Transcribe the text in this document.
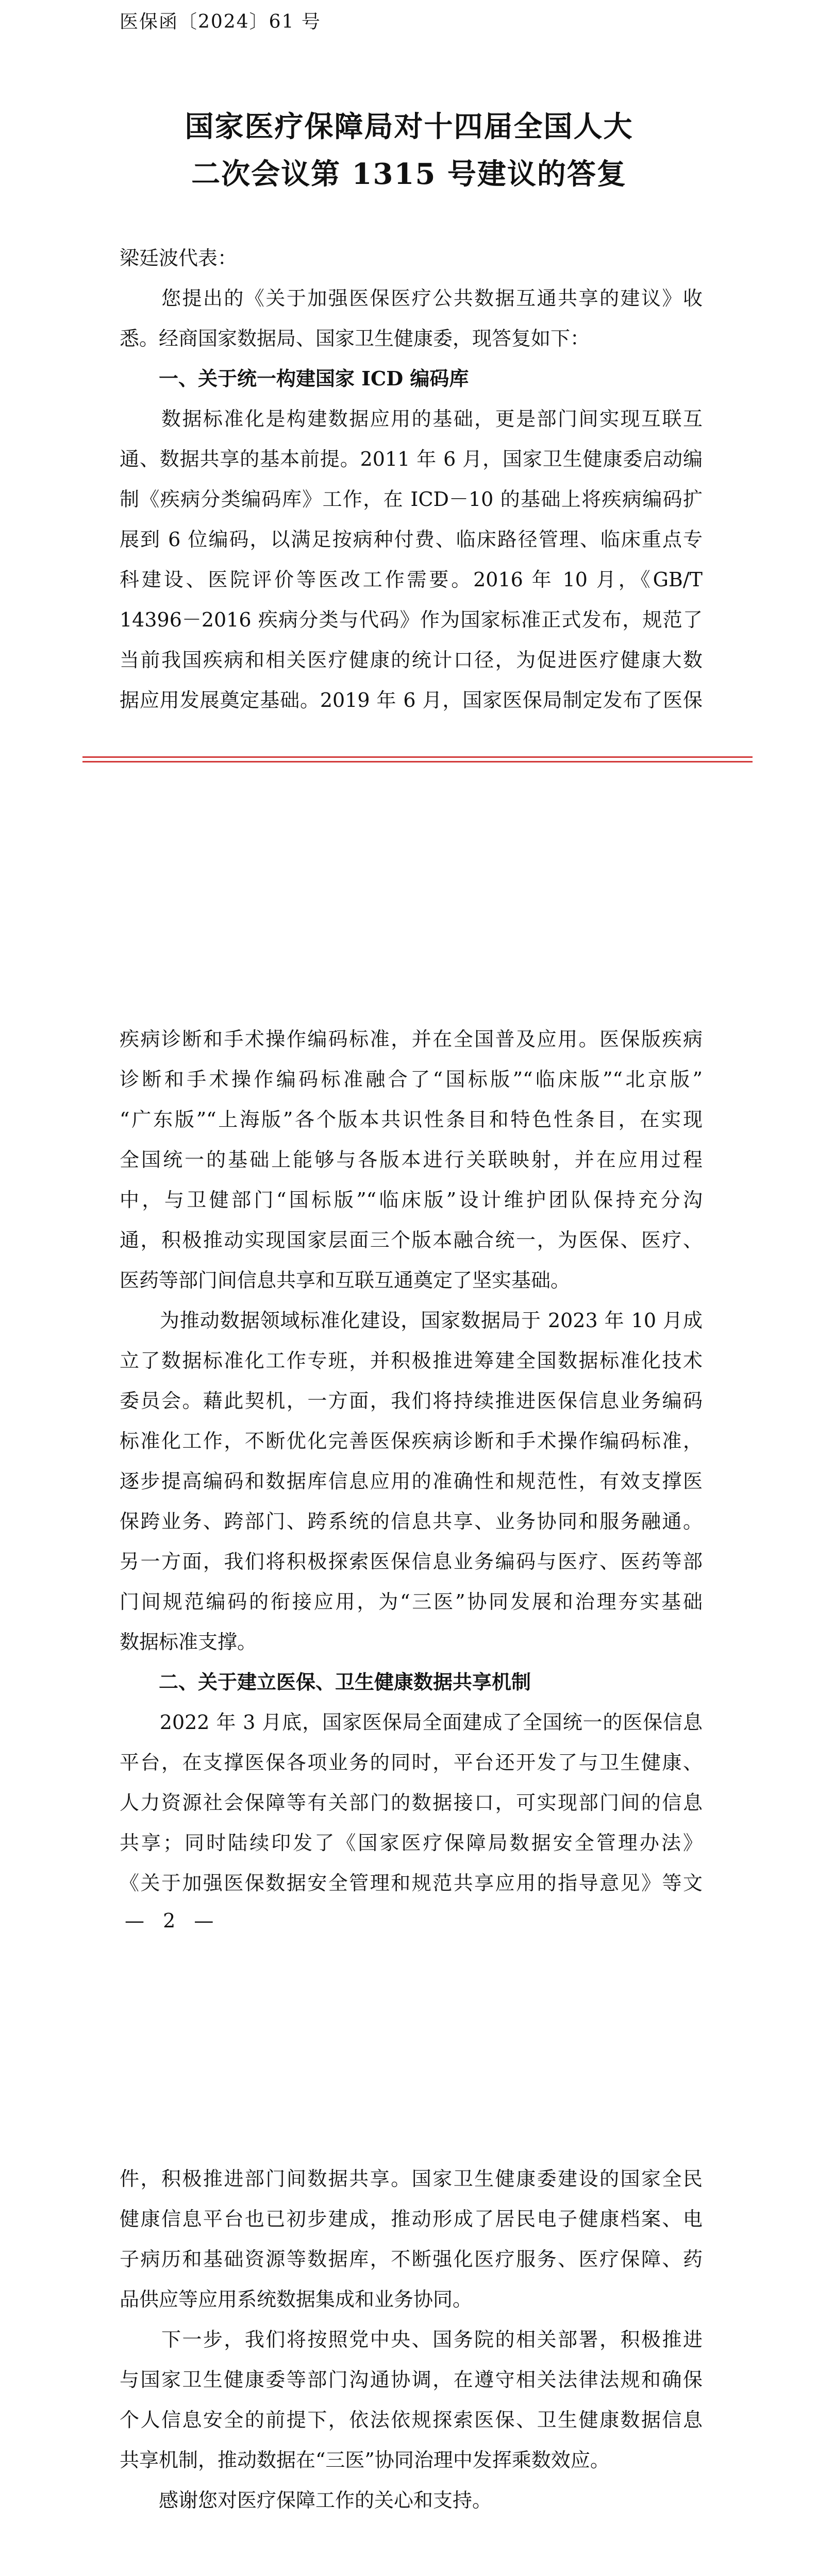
医保函〔2024〕61 号
国家医疗保障局对十四届全国人大
二次会议第 1315 号建议的答复
梁廷波代表：
　　您提出的《关于加强医保医疗公共数据互通共享的建议》收
悉。经商国家数据局、国家卫生健康委，现答复如下：
　　一、关于统一构建国家 ICD 编码库
　　数据标准化是构建数据应用的基础，更是部门间实现互联互
通、数据共享的基本前提。2011 年 6 月，国家卫生健康委启动编
制《疾病分类编码库》工作，在 ICD－10 的基础上将疾病编码扩
展到 6 位编码，以满足按病种付费、临床路径管理、临床重点专
科建设、医院评价等医改工作需要。2016 年 10 月，《GB/T
14396－2016 疾病分类与代码》作为国家标准正式发布，规范了
当前我国疾病和相关医疗健康的统计口径，为促进医疗健康大数
据应用发展奠定基础。2019 年 6 月，国家医保局制定发布了医保
疾病诊断和手术操作编码标准，并在全国普及应用。医保版疾病
诊断和手术操作编码标准融合了“国标版”“临床版”“北京版”
“广东版”“上海版”各个版本共识性条目和特色性条目，在实现
全国统一的基础上能够与各版本进行关联映射，并在应用过程
中，与卫健部门“国标版”“临床版”设计维护团队保持充分沟
通，积极推动实现国家层面三个版本融合统一，为医保、医疗、
医药等部门间信息共享和互联互通奠定了坚实基础。
　　为推动数据领域标准化建设，国家数据局于 2023 年 10 月成
立了数据标准化工作专班，并积极推进筹建全国数据标准化技术
委员会。藉此契机，一方面，我们将持续推进医保信息业务编码
标准化工作，不断优化完善医保疾病诊断和手术操作编码标准，
逐步提高编码和数据库信息应用的准确性和规范性，有效支撑医
保跨业务、跨部门、跨系统的信息共享、业务协同和服务融通。
另一方面，我们将积极探索医保信息业务编码与医疗、医药等部
门间规范编码的衔接应用，为“三医”协同发展和治理夯实基础
数据标准支撑。
　　二、关于建立医保、卫生健康数据共享机制
　　2022 年 3 月底，国家医保局全面建成了全国统一的医保信息
平台，在支撑医保各项业务的同时，平台还开发了与卫生健康、
人力资源社会保障等有关部门的数据接口，可实现部门间的信息
共享；同时陆续印发了《国家医疗保障局数据安全管理办法》
《关于加强医保数据安全管理和规范共享应用的指导意见》等文
— 2 —
件，积极推进部门间数据共享。国家卫生健康委建设的国家全民
健康信息平台也已初步建成，推动形成了居民电子健康档案、电
子病历和基础资源等数据库，不断强化医疗服务、医疗保障、药
品供应等应用系统数据集成和业务协同。
　　下一步，我们将按照党中央、国务院的相关部署，积极推进
与国家卫生健康委等部门沟通协调，在遵守相关法律法规和确保
个人信息安全的前提下，依法依规探索医保、卫生健康数据信息
共享机制，推动数据在“三医”协同治理中发挥乘数效应。
　　感谢您对医疗保障工作的关心和支持。
